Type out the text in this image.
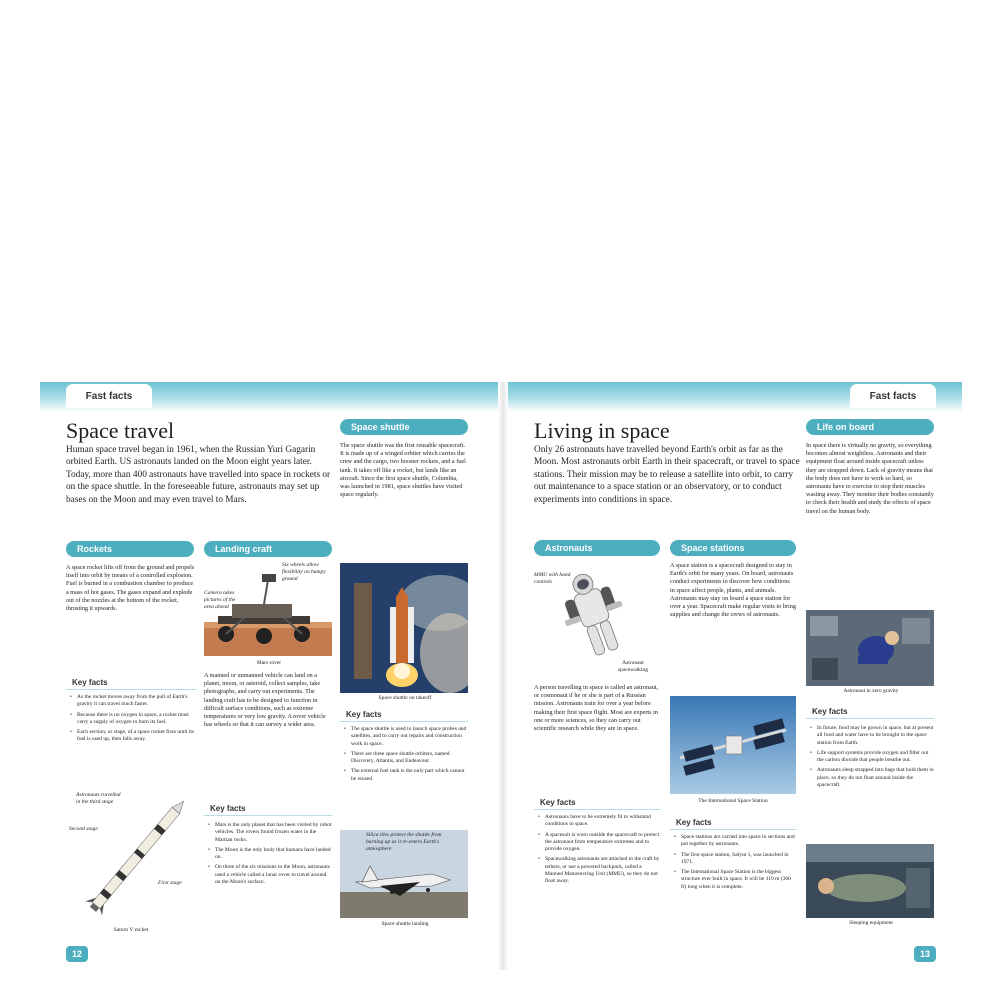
Fast facts	Fast facts
Space travel
Human space travel began in 1961, when the Russian Yuri Gagarin orbited Earth. US astronauts landed on the Moon eight years later. Today, more than 400 astronauts have travelled into space in rockets or on the space shuttle. In the foreseeable future, astronauts may set up bases on the Moon and may even travel to Mars.
Rockets
A space rocket lifts off from the ground and propels itself into orbit by means of a controlled explosion. Fuel is burned in a combustion chamber to produce a mass of hot gases. The gases expand and explode out of the nozzles at the bottom of the rocket, thrusting it upwards.
Key facts
• As the rocket moves away from the pull of Earth's gravity it can travel much faster.
• Because there is no oxygen in space, a rocket must carry a supply of oxygen to burn its fuel.
• Each section, or stage, of a space rocket fires until its fuel is used up, then falls away.
Astronauts travelled in the third stage
Second stage
First stage
Saturn V rocket
Landing craft
Six wheels allow flexibility on bumpy ground
Camera takes pictures of the area ahead
Mars rover
A manned or unmanned vehicle can land on a planet, moon, or asteroid, collect samples, take photographs, and carry out experiments. The landing craft has to be designed to function in difficult surface conditions, such as extreme temperatures or very low gravity. A rover vehicle has wheels so that it can survey a wider area.
Key facts
• Mars is the only planet that has been visited by robot vehicles. The rovers found frozen water in the Martian rocks.
• The Moon is the only body that humans have landed on.
• On three of the six missions to the Moon, astronauts used a vehicle called a lunar rover to travel around on the Moon's surface.
Space shuttle
The space shuttle was the first reusable spacecraft. It is made up of a winged orbiter which carries the crew and the cargo, two booster rockets, and a fuel tank. It takes off like a rocket, but lands like an aircraft. Since the first space shuttle, Columbia, was launched in 1981, space shuttles have visited space regularly.
Space shuttle on takeoff
Key facts
• The space shuttle is used to launch space probes and satellites, and to carry out repairs and construction work in space.
• There are three space shuttle orbiters, named Discovery, Atlantis, and Endeavour.
• The external fuel tank is the only part which cannot be reused.
Silica tiles protect the shuttle from burning up as it re-enters Earth's atmosphere
Space shuttle landing
12
Living in space
Only 26 astronauts have travelled beyond Earth's orbit as far as the Moon. Most astronauts orbit Earth in their spacecraft, or travel to space stations. Their mission may be to release a satellite into orbit, to carry out maintenance to a space station or an observatory, or to conduct experiments into conditions in space.
Astronauts
MMU with hand controls
Astronaut spacewalking
A person travelling in space is called an astronaut, or cosmonaut if he or she is part of a Russian mission. Astronauts train for over a year before making their first space flight. Most are experts in one or more sciences, so they can carry out scientific research while they are in space.
Key facts
• Astronauts have to be extremely fit to withstand conditions in space.
• A spacesuit is worn outside the spacecraft to protect the astronaut from temperature extremes and to provide oxygen.
• Spacewalking astronauts are attached to the craft by tethers, or use a powered backpack, called a Manned Manoeuvring Unit (MMU), so they do not float away.
Space stations
A space station is a spacecraft designed to stay in Earth's orbit for many years. On board, astronauts conduct experiments to discover how conditions in space affect people, plants, and animals. Astronauts may stay on board a space station for over a year. Spacecraft make regular visits to bring supplies and change the crews of astronauts.
The International Space Station
Key facts
• Space stations are carried into space in sections and put together by astronauts.
• The first space station, Salyut 1, was launched in 1971.
• The International Space Station is the biggest structure ever built in space. It will be 110 m (360 ft) long when it is complete.
Life on board
In space there is virtually no gravity, so everything becomes almost weightless. Astronauts and their equipment float around inside spacecraft unless they are strapped down. Lack of gravity means that the body does not have to work so hard, so astronauts have to exercise to stop their muscles wasting away. They monitor their bodies constantly to check their health and study the effects of space travel on the human body.
Astronaut in zero gravity
Key facts
• In future, food may be grown in space, but at present all food and water have to be brought to the space station from Earth.
• Life support systems provide oxygen and filter out the carbon dioxide that people breathe out.
• Astronauts sleep strapped into bags that hold them in place, so they do not float around inside the spacecraft.
Sleeping equipment
13
